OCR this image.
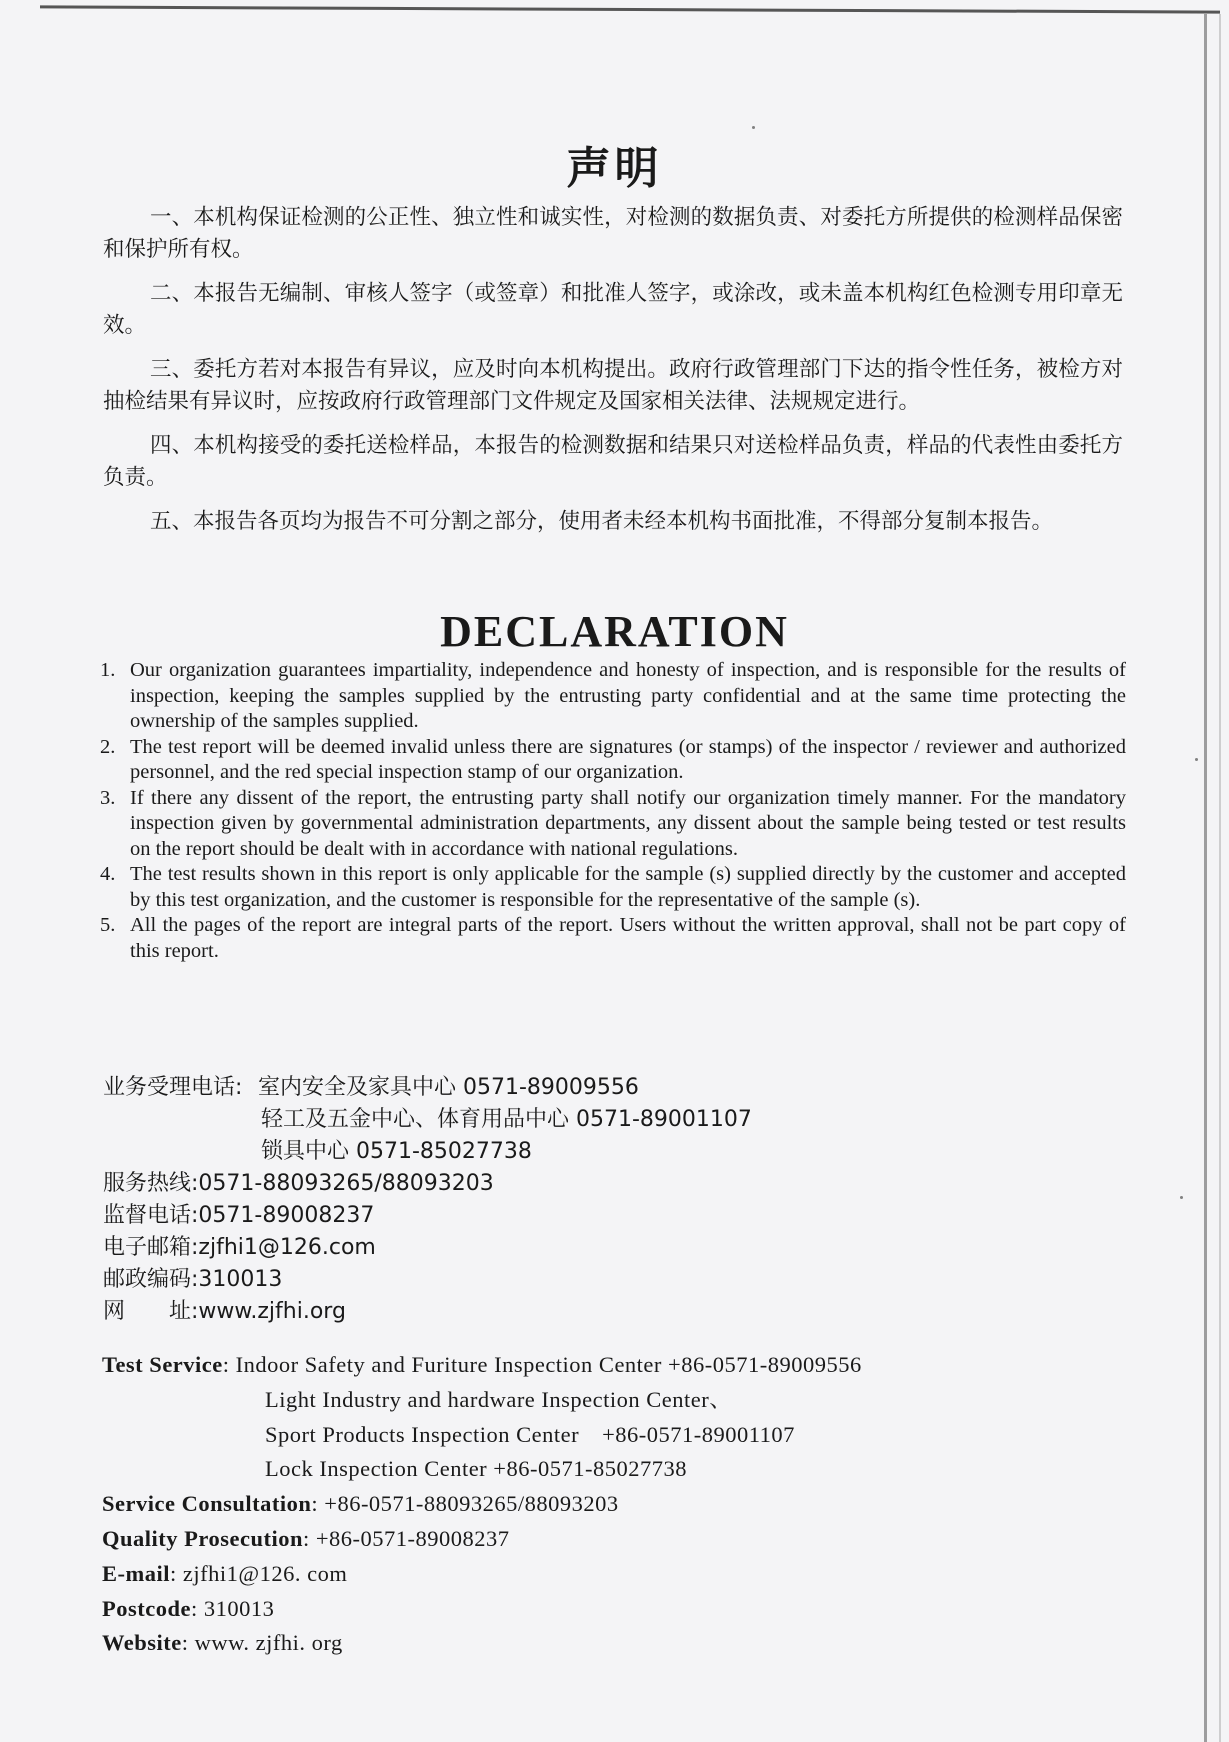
声明

一、本机构保证检测的公正性、独立性和诚实性，对检测的数据负责、对委托方所提供的检测样品保密和保护所有权。

二、本报告无编制、审核人签字（或签章）和批准人签字，或涂改，或未盖本机构红色检测专用印章无效。

三、委托方若对本报告有异议，应及时向本机构提出。政府行政管理部门下达的指令性任务，被检方对抽检结果有异议时，应按政府行政管理部门文件规定及国家相关法律、法规规定进行。

四、本机构接受的委托送检样品，本报告的检测数据和结果只对送检样品负责，样品的代表性由委托方负责。

五、本报告各页均为报告不可分割之部分，使用者未经本机构书面批准，不得部分复制本报告。

DECLARATION
1. Our organization guarantees impartiality, independence and honesty of inspection, and is responsible for the results of inspection, keeping the samples supplied by the entrusting party confidential and at the same time protecting the ownership of the samples supplied.
2. The test report will be deemed invalid unless there are signatures (or stamps) of the inspector / reviewer and authorized personnel, and the red special inspection stamp of our organization.
3. If there any dissent of the report, the entrusting party shall notify our organization timely manner. For the mandatory inspection given by governmental administration departments, any dissent about the sample being tested or test results on the report should be dealt with in accordance with national regulations.
4. The test results shown in this report is only applicable for the sample (s) supplied directly by the customer and accepted by this test organization, and the customer is responsible for the representative of the sample (s).
5. All the pages of the report are integral parts of the report. Users without the written approval, shall not be part copy of this report.
业务受理电话: 室内安全及家具中心 0571-89009556
轻工及五金中心、体育用品中心 0571-89001107
锁具中心 0571-85027738
服务热线: 0571-88093265/88093203
监督电话: 0571-89008237
电子邮箱: zjfhi1@126.com
邮政编码: 310013
网　　址: www.zjfhi.org
Test Service : Indoor Safety and Furiture Inspection Center +86-0571-89009556
Light Industry and hardware Inspection Center、
Sport Products Inspection Center　+86-0571-89001107
Lock Inspection Center +86-0571-85027738
Service Consultation : +86-0571-88093265/88093203
Quality Prosecution : +86-0571-89008237
E-mail : zjfhi1@126. com
Postcode : 310013
Website : www. zjfhi. org
